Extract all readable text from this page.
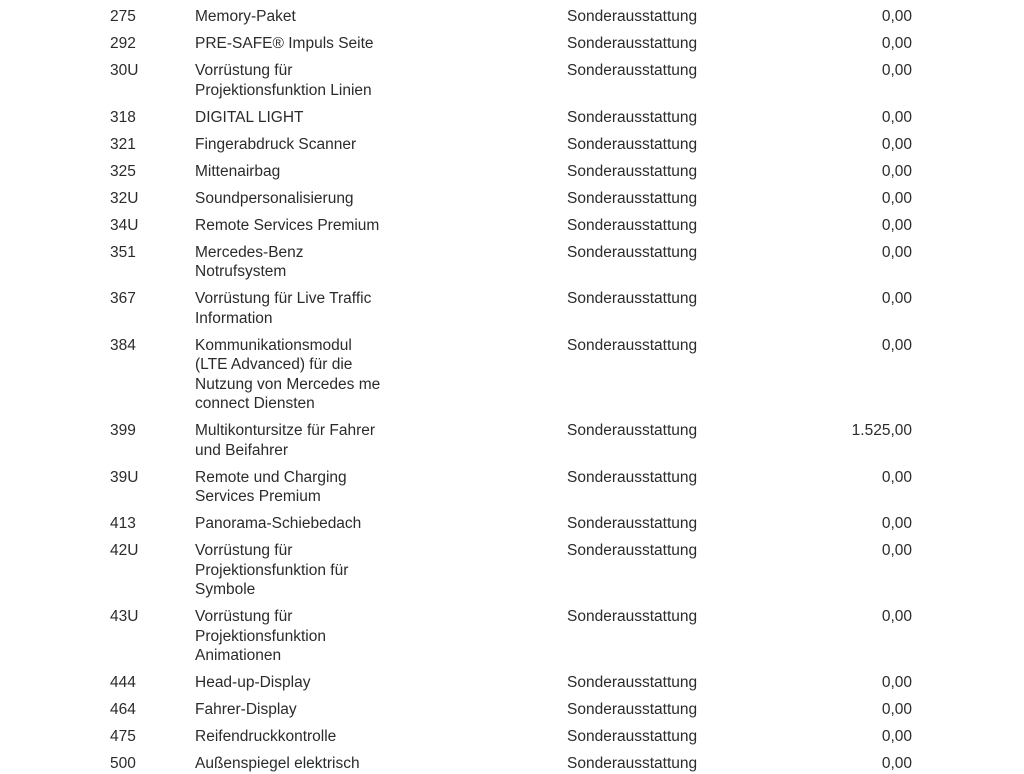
275	Memory-Paket	Sonderausstattung	0,00
292	PRE-SAFE® Impuls Seite	Sonderausstattung	0,00
30U	Vorrüstung für
Projektionsfunktion Linien
Sonderausstattung	0,00
318	DIGITAL LIGHT	Sonderausstattung	0,00
321	Fingerabdruck Scanner	Sonderausstattung	0,00
325	Mittenairbag	Sonderausstattung	0,00
32U	Soundpersonalisierung	Sonderausstattung	0,00
34U	Remote Services Premium	Sonderausstattung	0,00
351	Mercedes-Benz
Notrufsystem
Sonderausstattung	0,00
367	Vorrüstung für Live Traffic
Information
Sonderausstattung	0,00
384	Kommunikationsmodul
(LTE Advanced) für die
Nutzung von Mercedes me
connect Diensten
Sonderausstattung	0,00
399	Multikontursitze für Fahrer
und Beifahrer
Sonderausstattung	1.525,00
39U	Remote und Charging
Services Premium
Sonderausstattung	0,00
413	Panorama-Schiebedach	Sonderausstattung	0,00
42U	Vorrüstung für
Projektionsfunktion für
Symbole
Sonderausstattung	0,00
43U	Vorrüstung für
Projektionsfunktion
Animationen
Sonderausstattung	0,00
444	Head-up-Display	Sonderausstattung	0,00
464	Fahrer-Display	Sonderausstattung	0,00
475	Reifendruckkontrolle	Sonderausstattung	0,00
500	Außenspiegel elektrisch	Sonderausstattung	0,00
